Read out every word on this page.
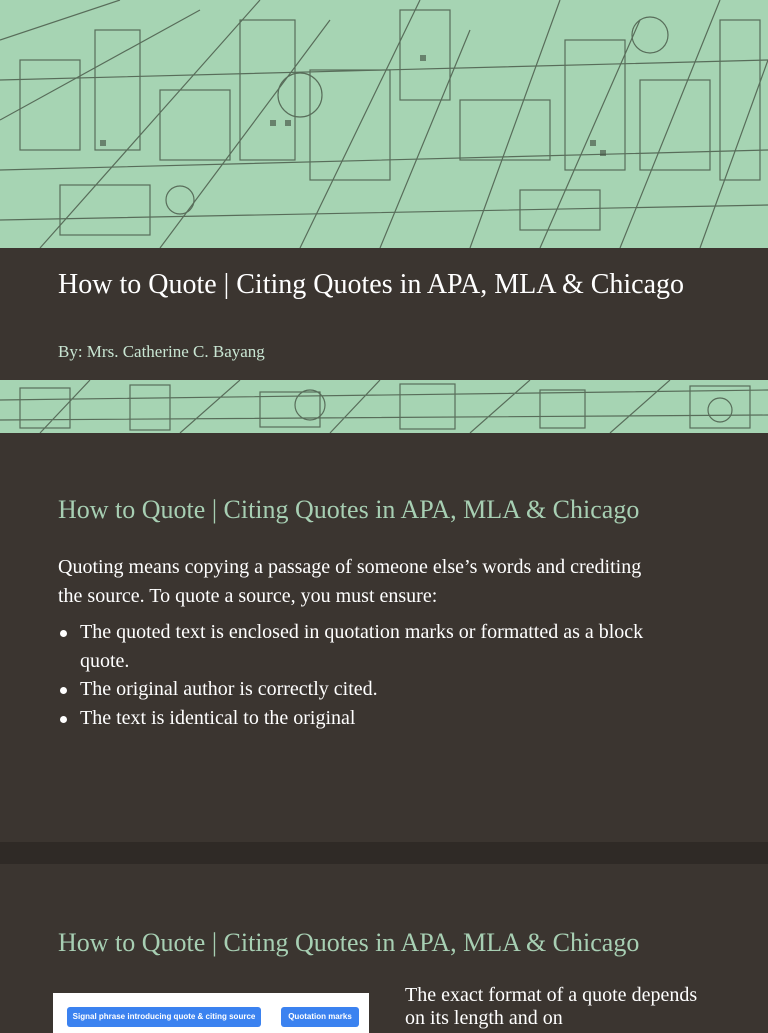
How to Quote | Citing Quotes in APA, MLA & Chicago

By: Mrs. Catherine C. Bayang

How to Quote | Citing Quotes in APA, MLA & Chicago

Quoting means copying a passage of someone else’s words and crediting the source. To quote a source, you must ensure:

The quoted text is enclosed in quotation marks or formatted as a block quote.
The original author is correctly cited.
The text is identical to the original
How to Quote | Citing Quotes in APA, MLA & Chicago
Signal phrase introducing quote & citing source	Quotation marks

The exact format of a quote depends on its length and on
